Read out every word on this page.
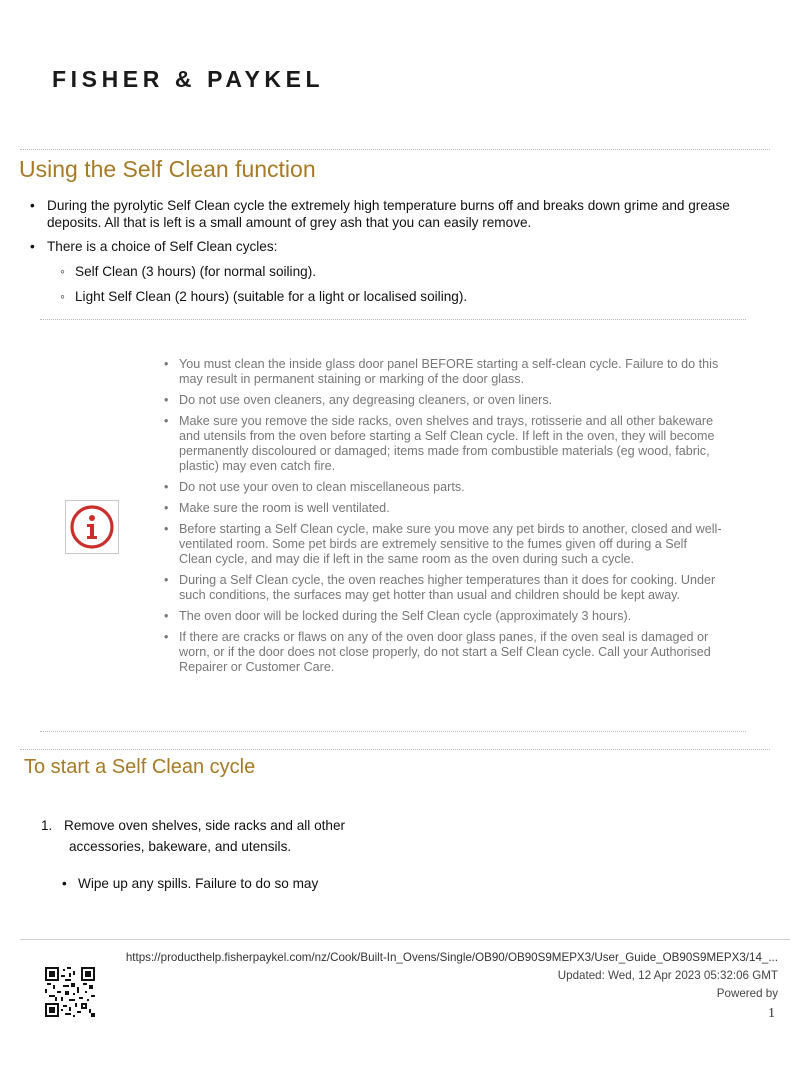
FISHER & PAYKEL
Using the Self Clean function
• During the pyrolytic Self Clean cycle the extremely high temperature burns off and breaks down grime and grease deposits. All that is left is a small amount of grey ash that you can easily remove.
• There is a choice of Self Clean cycles:
◦ Self Clean (3 hours) (for normal soiling).
◦ Light Self Clean (2 hours) (suitable for a light or localised soiling).
• You must clean the inside glass door panel BEFORE starting a self-clean cycle. Failure to do this may result in permanent staining or marking of the door glass.
• Do not use oven cleaners, any degreasing cleaners, or oven liners.
• Make sure you remove the side racks, oven shelves and trays, rotisserie and all other bakeware and utensils from the oven before starting a Self Clean cycle. If left in the oven, they will become permanently discoloured or damaged; items made from combustible materials (eg wood, fabric, plastic) may even catch fire.
• Do not use your oven to clean miscellaneous parts.
• Make sure the room is well ventilated.
• Before starting a Self Clean cycle, make sure you move any pet birds to another, closed and well-ventilated room. Some pet birds are extremely sensitive to the fumes given off during a Self Clean cycle, and may die if left in the same room as the oven during such a cycle.
• During a Self Clean cycle, the oven reaches higher temperatures than it does for cooking. Under such conditions, the surfaces may get hotter than usual and children should be kept away.
• The oven door will be locked during the Self Clean cycle (approximately 3 hours).
• If there are cracks or flaws on any of the oven door glass panes, if the oven seal is damaged or worn, or if the door does not close properly, do not start a Self Clean cycle. Call your Authorised Repairer or Customer Care.
To start a Self Clean cycle
1. Remove oven shelves, side racks and all other
accessories, bakeware, and utensils.
• Wipe up any spills. Failure to do so may
https://producthelp.fisherpaykel.com/nz/Cook/Built-In_Ovens/Single/OB90/OB90S9MEPX3/User_Guide_OB90S9MEPX3/14_...
Updated: Wed, 12 Apr 2023 05:32:06 GMT
Powered by
1
